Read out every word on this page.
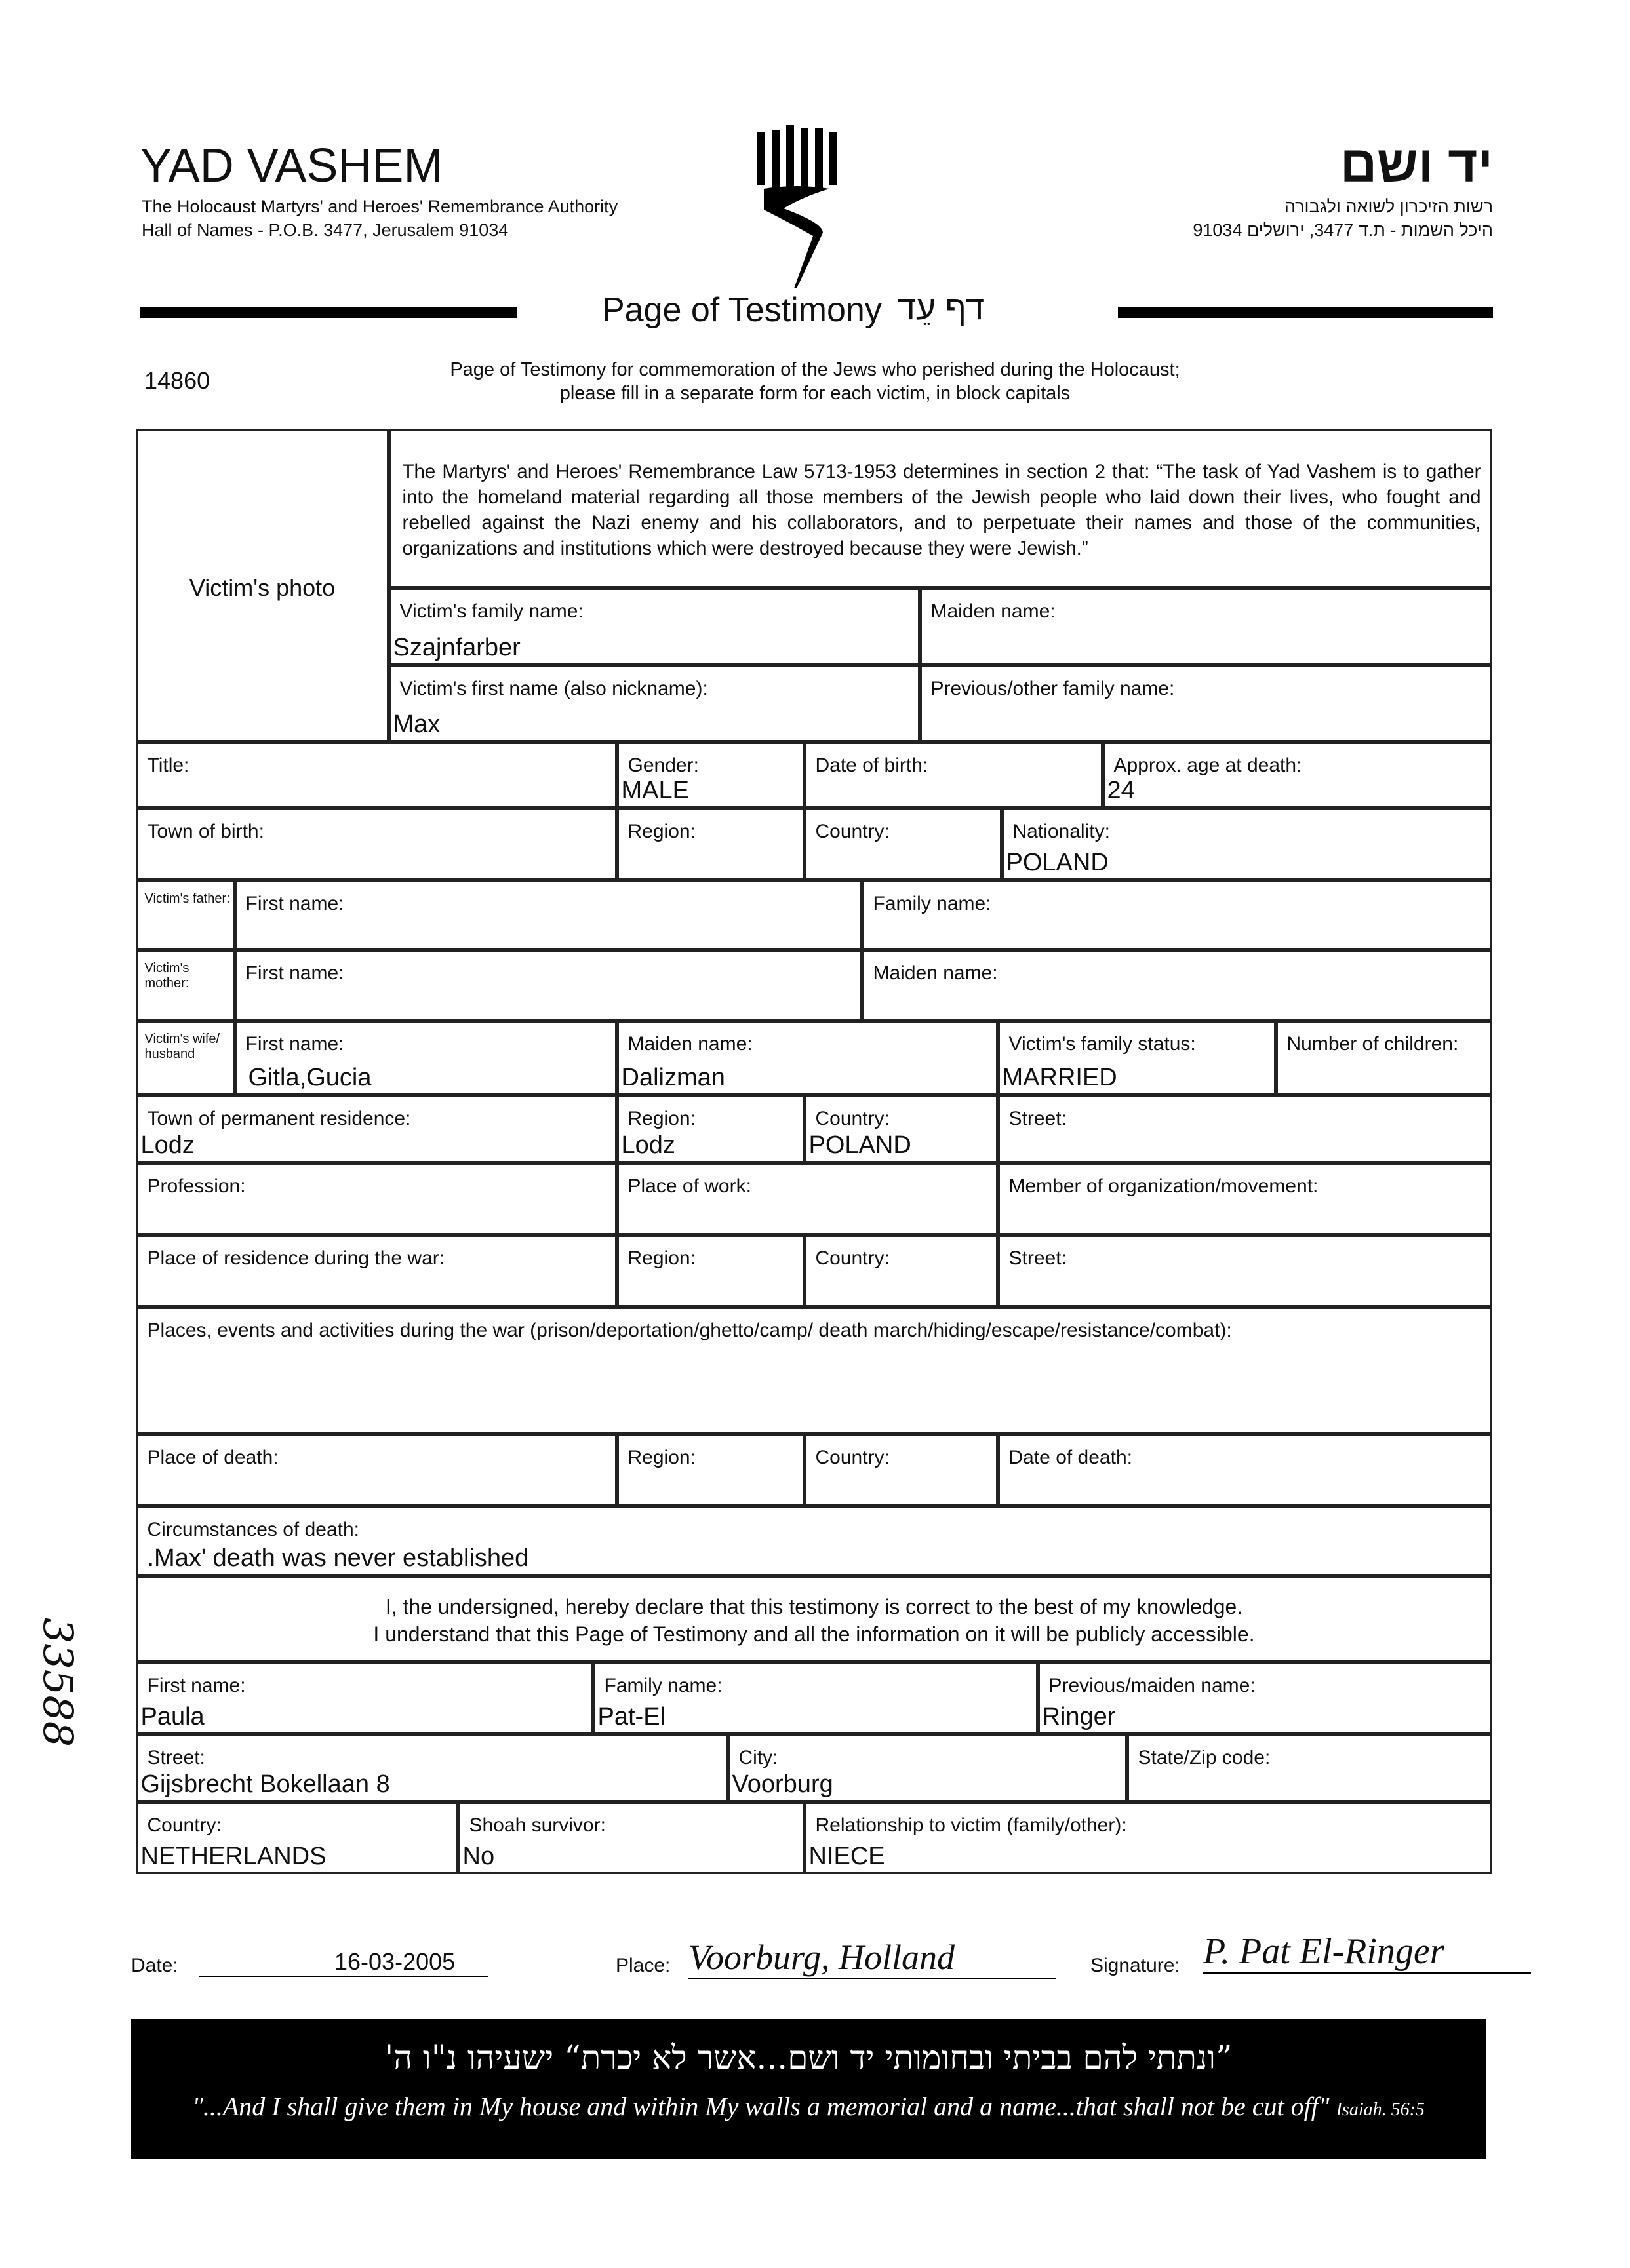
YAD VASHEM
The Holocaust Martyrs' and Heroes' Remembrance Authority
Hall of Names - P.O.B. 3477, Jerusalem 91034
יד ושם
רשות הזיכרון לשואה ולגבורה
היכל השמות - ת.ד 3477, ירושלים 91034
Page of Testimony דף עֵד
14860	Page of Testimony for commemoration of the Jews who perished during the Holocaust;
please fill in a separate form for each victim, in block capitals
Victim's photo
The Martyrs' and Heroes' Remembrance Law 5713-1953 determines in section 2 that: “The task of Yad Vashem is to gather into the homeland material regarding all those members of the Jewish people who laid down their lives, who fought and rebelled against the Nazi enemy and his collaborators, and to perpetuate their names and those of the communities, organizations and institutions which were destroyed because they were Jewish.”
Victim's family name:
Szajnfarber
Maiden name:
Victim's first name (also nickname):
Max
Previous/other family name:
Title:	Gender:
MALE
Date of birth:	Approx. age at death:
24
Town of birth:	Region:	Country:	Nationality:
POLAND
Victim's father: First name:	Family name:
Victim's mother:	First name:	Maiden name:
Victim's wife/ husband	First name:
Gitla,Gucia
Maiden name:
Dalizman
Victim's family status:
MARRIED
Number of children:
Town of permanent residence:
Lodz
Region:
Lodz
Country:
POLAND
Street:
Profession:	Place of work:	Member of organization/movement:
Place of residence during the war:	Region:	Country:	Street:
Places, events and activities during the war (prison/deportation/ghetto/camp/ death march/hiding/escape/resistance/combat):
Place of death:	Region:	Country:	Date of death:
Circumstances of death:
.Max' death was never established
I, the undersigned, hereby declare that this testimony is correct to the best of my knowledge.
I understand that this Page of Testimony and all the information on it will be publicly accessible.
First name:
Paula
Family name:
Pat-El
Previous/maiden name:
Ringer
Street:
Gijsbrecht Bokellaan 8
City:
Voorburg
State/Zip code:
Country:
NETHERLANDS
Shoah survivor:
No
Relationship to victim (family/other):
NIECE
33588
Date:	16-03-2005	Place: Voorburg, Holland	Signature: P. Pat El-Ringer
”ונתתי להם בביתי ובחומותי יד ושם...אשר לא יכרת“ ישעיהו נ"ו ה'
"...And I shall give them in My house and within My walls a memorial and a name...that shall not be cut off" Isaiah. 56:5
